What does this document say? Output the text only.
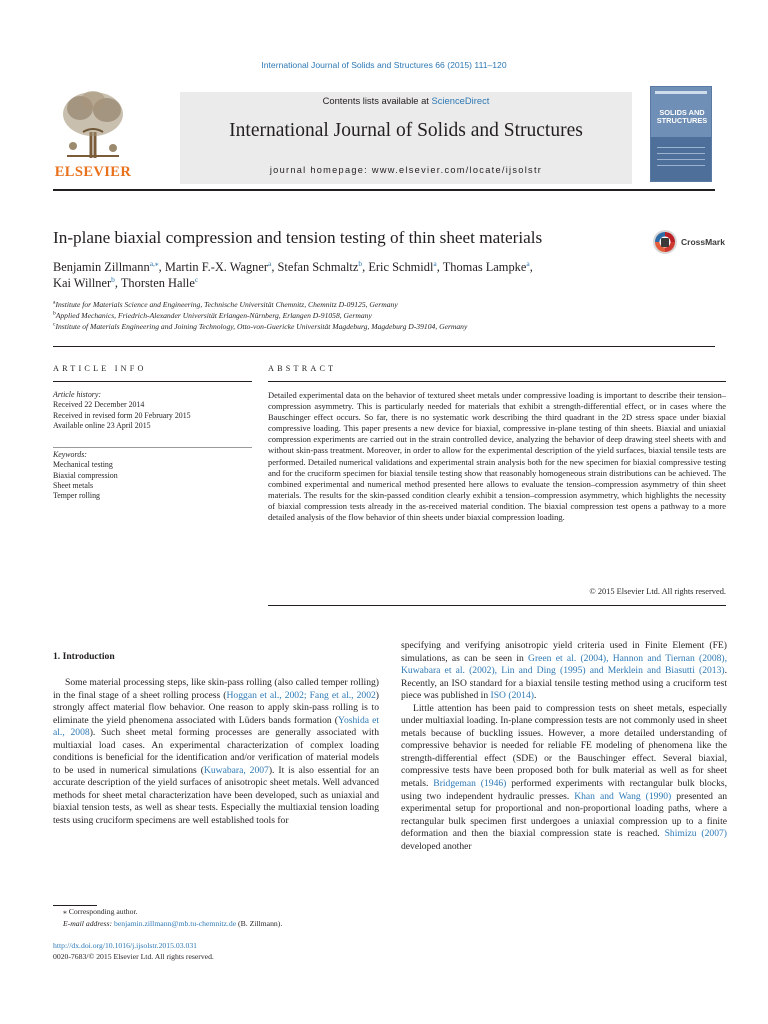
International Journal of Solids and Structures 66 (2015) 111–120
ELSEVIER
Contents lists available at ScienceDirect
International Journal of Solids and Structures
journal homepage: www.elsevier.com/locate/ijsolstr
SOLIDS AND
STRUCTURES
In-plane biaxial compression and tension testing of thin sheet materials	CrossMark
Benjamin Zillmann$^{a,⁎}$, Martin F.-X. Wagner$^a$, Stefan Schmaltz$^b$, Eric Schmidl$^a$, Thomas Lampke$^a$,
Kai Willner$^b$, Thorsten Halle$^c$
$^a$Institute for Materials Science and Engineering, Technische Universität Chemnitz, Chemnitz D-09125, Germany
$^b$Applied Mechanics, Friedrich-Alexander Universität Erlangen-Nürnberg, Erlangen D-91058, Germany
$^c$Institute of Materials Engineering and Joining Technology, Otto-von-Guericke Universität Magdeburg, Magdeburg D-39104, Germany
ARTICLE INFO
Article history:
Received 22 December 2014
Received in revised form 20 February 2015
Available online 23 April 2015
Keywords:
Mechanical testing
Biaxial compression
Sheet metals
Temper rolling
ABSTRACT
Detailed experimental data on the behavior of textured sheet metals under compressive loading is important to describe their tension–compression asymmetry. This is particularly needed for materials that exhibit a strength-differential effect, or in cases where the Bauschinger effect occurs. So far, there is no systematic work describing the third quadrant in the 2D stress space under biaxial compressive loading. This paper presents a new device for biaxial, compressive in-plane testing of thin sheets. Biaxial and uniaxial compression experiments are carried out in the strain controlled device, analyzing the behavior of deep drawing steel sheets with and without skin-pass treatment. Moreover, in order to allow for the experimental description of the yield surfaces, biaxial tensile tests are performed. Detailed numerical validations and experimental strain analysis both for the new specimen for biaxial compressive testing and for the cruciform specimen for biaxial tensile testing show that reasonably homogeneous strain distributions can be achieved. The combined experimental and numerical method presented here allows to evaluate the tension–compression asymmetry of thin sheet materials. The results for the skin-passed condition clearly exhibit a tension–compression asymmetry, which highlights the necessity of biaxial compression tests already in the as-received material condition. The biaxial compression test opens a pathway to a more detailed analysis of the flow behavior of thin sheets under biaxial compression loading.
© 2015 Elsevier Ltd. All rights reserved.
1. Introduction

Some material processing steps, like skin-pass rolling (also called temper rolling) in the final stage of a sheet rolling process (Hoggan et al., 2002; Fang et al., 2002) strongly affect material flow behavior. One reason to apply skin-pass rolling is to eliminate the yield phenomena associated with Lüders bands formation (Yoshida et al., 2008). Such sheet metal forming processes are generally associated with multiaxial load cases. An experimental characterization of complex loading conditions is beneficial for the identification and/or verification of material models to be used in numerical simulations (Kuwabara, 2007). It is also essential for an accurate description of the yield surfaces of anisotropic sheet metals. Well advanced methods for sheet metal characterization have been developed, such as uniaxial and biaxial tension tests, as well as shear tests. Especially the multiaxial tension loading tests using cruciform specimens are well established tools for

specifying and verifying anisotropic yield criteria used in Finite Element (FE) simulations, as can be seen in Green et al. (2004), Hannon and Tiernan (2008), Kuwabara et al. (2002), Lin and Ding (1995) and Merklein and Biasutti (2013). Recently, an ISO standard for a biaxial tensile testing method using a cruciform test piece was published in ISO (2014).

Little attention has been paid to compression tests on sheet metals, especially under multiaxial loading. In-plane compression tests are not commonly used in sheet metals because of buckling issues. However, a more detailed understanding of compressive behavior is needed for reliable FE modeling of phenomena like the strength-differential effect (SDE) or the Bauschinger effect. Several biaxial, compressive tests have been proposed both for bulk material as well as for sheet metals. Bridgeman (1946) performed experiments with rectangular bulk blocks, using two independent hydraulic presses. Khan and Wang (1990) presented an experimental setup for proportional and non-proportional loading paths, where a rectangular bulk specimen first undergoes a uniaxial compression up to a finite deformation and then the biaxial compression state is reached. Shimizu (2007) developed another

⁎ Corresponding author.
E-mail address: benjamin.zillmann@mb.tu-chemnitz.de (B. Zillmann).
http://dx.doi.org/10.1016/j.ijsolstr.2015.03.031
0020-7683/© 2015 Elsevier Ltd. All rights reserved.
